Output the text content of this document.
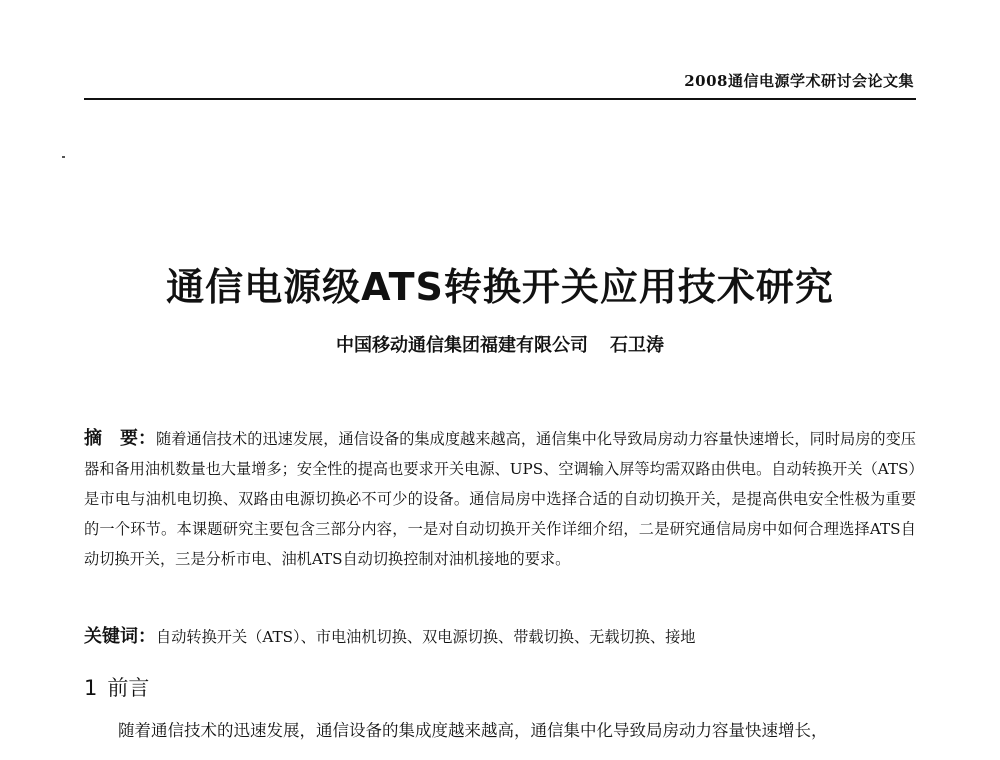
2008通信电源学术研讨会论文集
通信电源级ATS转换开关应用技术研究
中国移动通信集团福建有限公司 石卫涛
摘　要：随着通信技术的迅速发展，通信设备的集成度越来越高，通信集中化导致局房动力容量快速增长，同时局房的变压器和备用油机数量也大量增多；安全性的提高也要求开关电源、UPS、空调输入屏等均需双路由供电。自动转换开关（ATS）是市电与油机电切换、双路由电源切换必不可少的设备。通信局房中选择合适的自动切换开关，是提高供电安全性极为重要的一个环节。本课题研究主要包含三部分内容，一是对自动切换开关作详细介绍，二是研究通信局房中如何合理选择ATS自动切换开关，三是分析市电、油机ATS自动切换控制对油机接地的要求。
关键词：自动转换开关（ATS）、市电油机切换、双电源切换、带载切换、无载切换、接地
1 前言
随着通信技术的迅速发展，通信设备的集成度越来越高，通信集中化导致局房动力容量快速增长，
